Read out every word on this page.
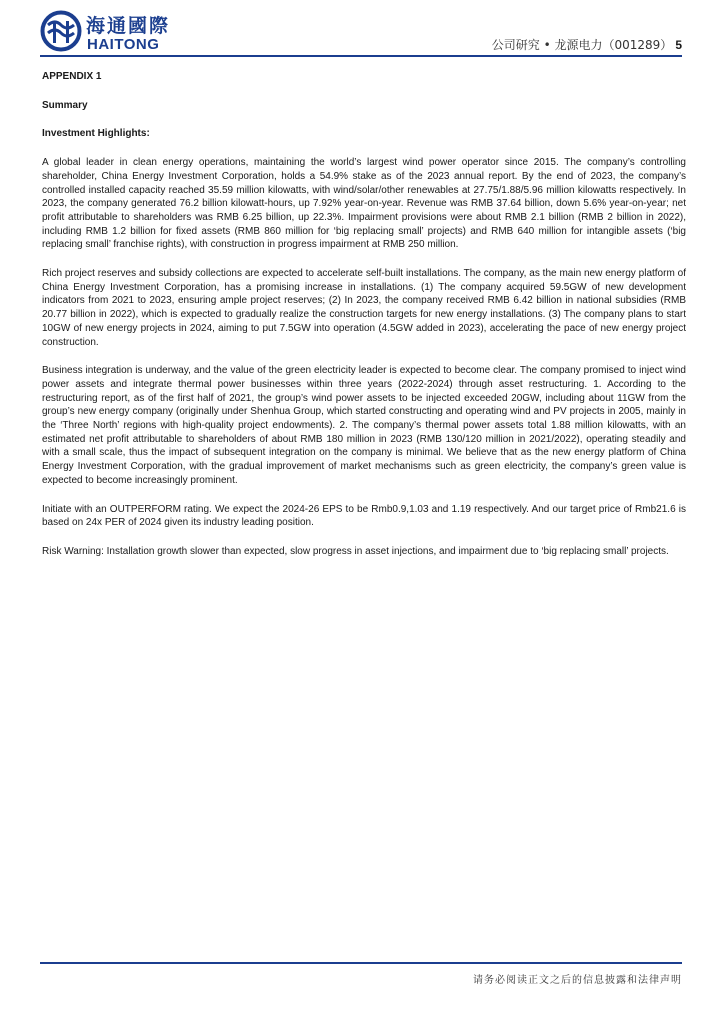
海通國際
HAITONG	公司研究 • 龙源电力（001289） 5

APPENDIX 1

Summary

Investment Highlights:

A global leader in clean energy operations, maintaining the world’s largest wind power operator since 2015. The company’s controlling shareholder, China Energy Investment Corporation, holds a 54.9% stake as of the 2023 annual report. By the end of 2023, the company’s controlled installed capacity reached 35.59 million kilowatts, with wind/solar/other renewables at 27.75/1.88/5.96 million kilowatts respectively. In 2023, the company generated 76.2 billion kilowatt-hours, up 7.92% year-on-year. Revenue was RMB 37.64 billion, down 5.6% year-on-year; net profit attributable to shareholders was RMB 6.25 billion, up 22.3%. Impairment provisions were about RMB 2.1 billion (RMB 2 billion in 2022), including RMB 1.2 billion for fixed assets (RMB 860 million for ‘big replacing small’ projects) and RMB 640 million for intangible assets (‘big replacing small’ franchise rights), with construction in progress impairment at RMB 250 million.

Rich project reserves and subsidy collections are expected to accelerate self-built installations. The company, as the main new energy platform of China Energy Investment Corporation, has a promising increase in installations. (1) The company acquired 59.5GW of new development indicators from 2021 to 2023, ensuring ample project reserves; (2) In 2023, the company received RMB 6.42 billion in national subsidies (RMB 20.77 billion in 2022), which is expected to gradually realize the construction targets for new energy installations. (3) The company plans to start 10GW of new energy projects in 2024, aiming to put 7.5GW into operation (4.5GW added in 2023), accelerating the pace of new energy project construction.

Business integration is underway, and the value of the green electricity leader is expected to become clear. The company promised to inject wind power assets and integrate thermal power businesses within three years (2022-2024) through asset restructuring. 1. According to the restructuring report, as of the first half of 2021, the group’s wind power assets to be injected exceeded 20GW, including about 11GW from the group’s new energy company (originally under Shenhua Group, which started constructing and operating wind and PV projects in 2005, mainly in the ‘Three North’ regions with high-quality project endowments). 2. The company’s thermal power assets total 1.88 million kilowatts, with an estimated net profit attributable to shareholders of about RMB 180 million in 2023 (RMB 130/120 million in 2021/2022), operating steadily and with a small scale, thus the impact of subsequent integration on the company is minimal. We believe that as the new energy platform of China Energy Investment Corporation, with the gradual improvement of market mechanisms such as green electricity, the company’s green value is expected to become increasingly prominent.

Initiate with an OUTPERFORM rating. We expect the 2024-26 EPS to be Rmb0.9,1.03 and 1.19 respectively. And our target price of Rmb21.6 is based on 24x PER of 2024 given its industry leading position.

Risk Warning: Installation growth slower than expected, slow progress in asset injections, and impairment due to ‘big replacing small’ projects.

请务必阅读正文之后的信息披露和法律声明
